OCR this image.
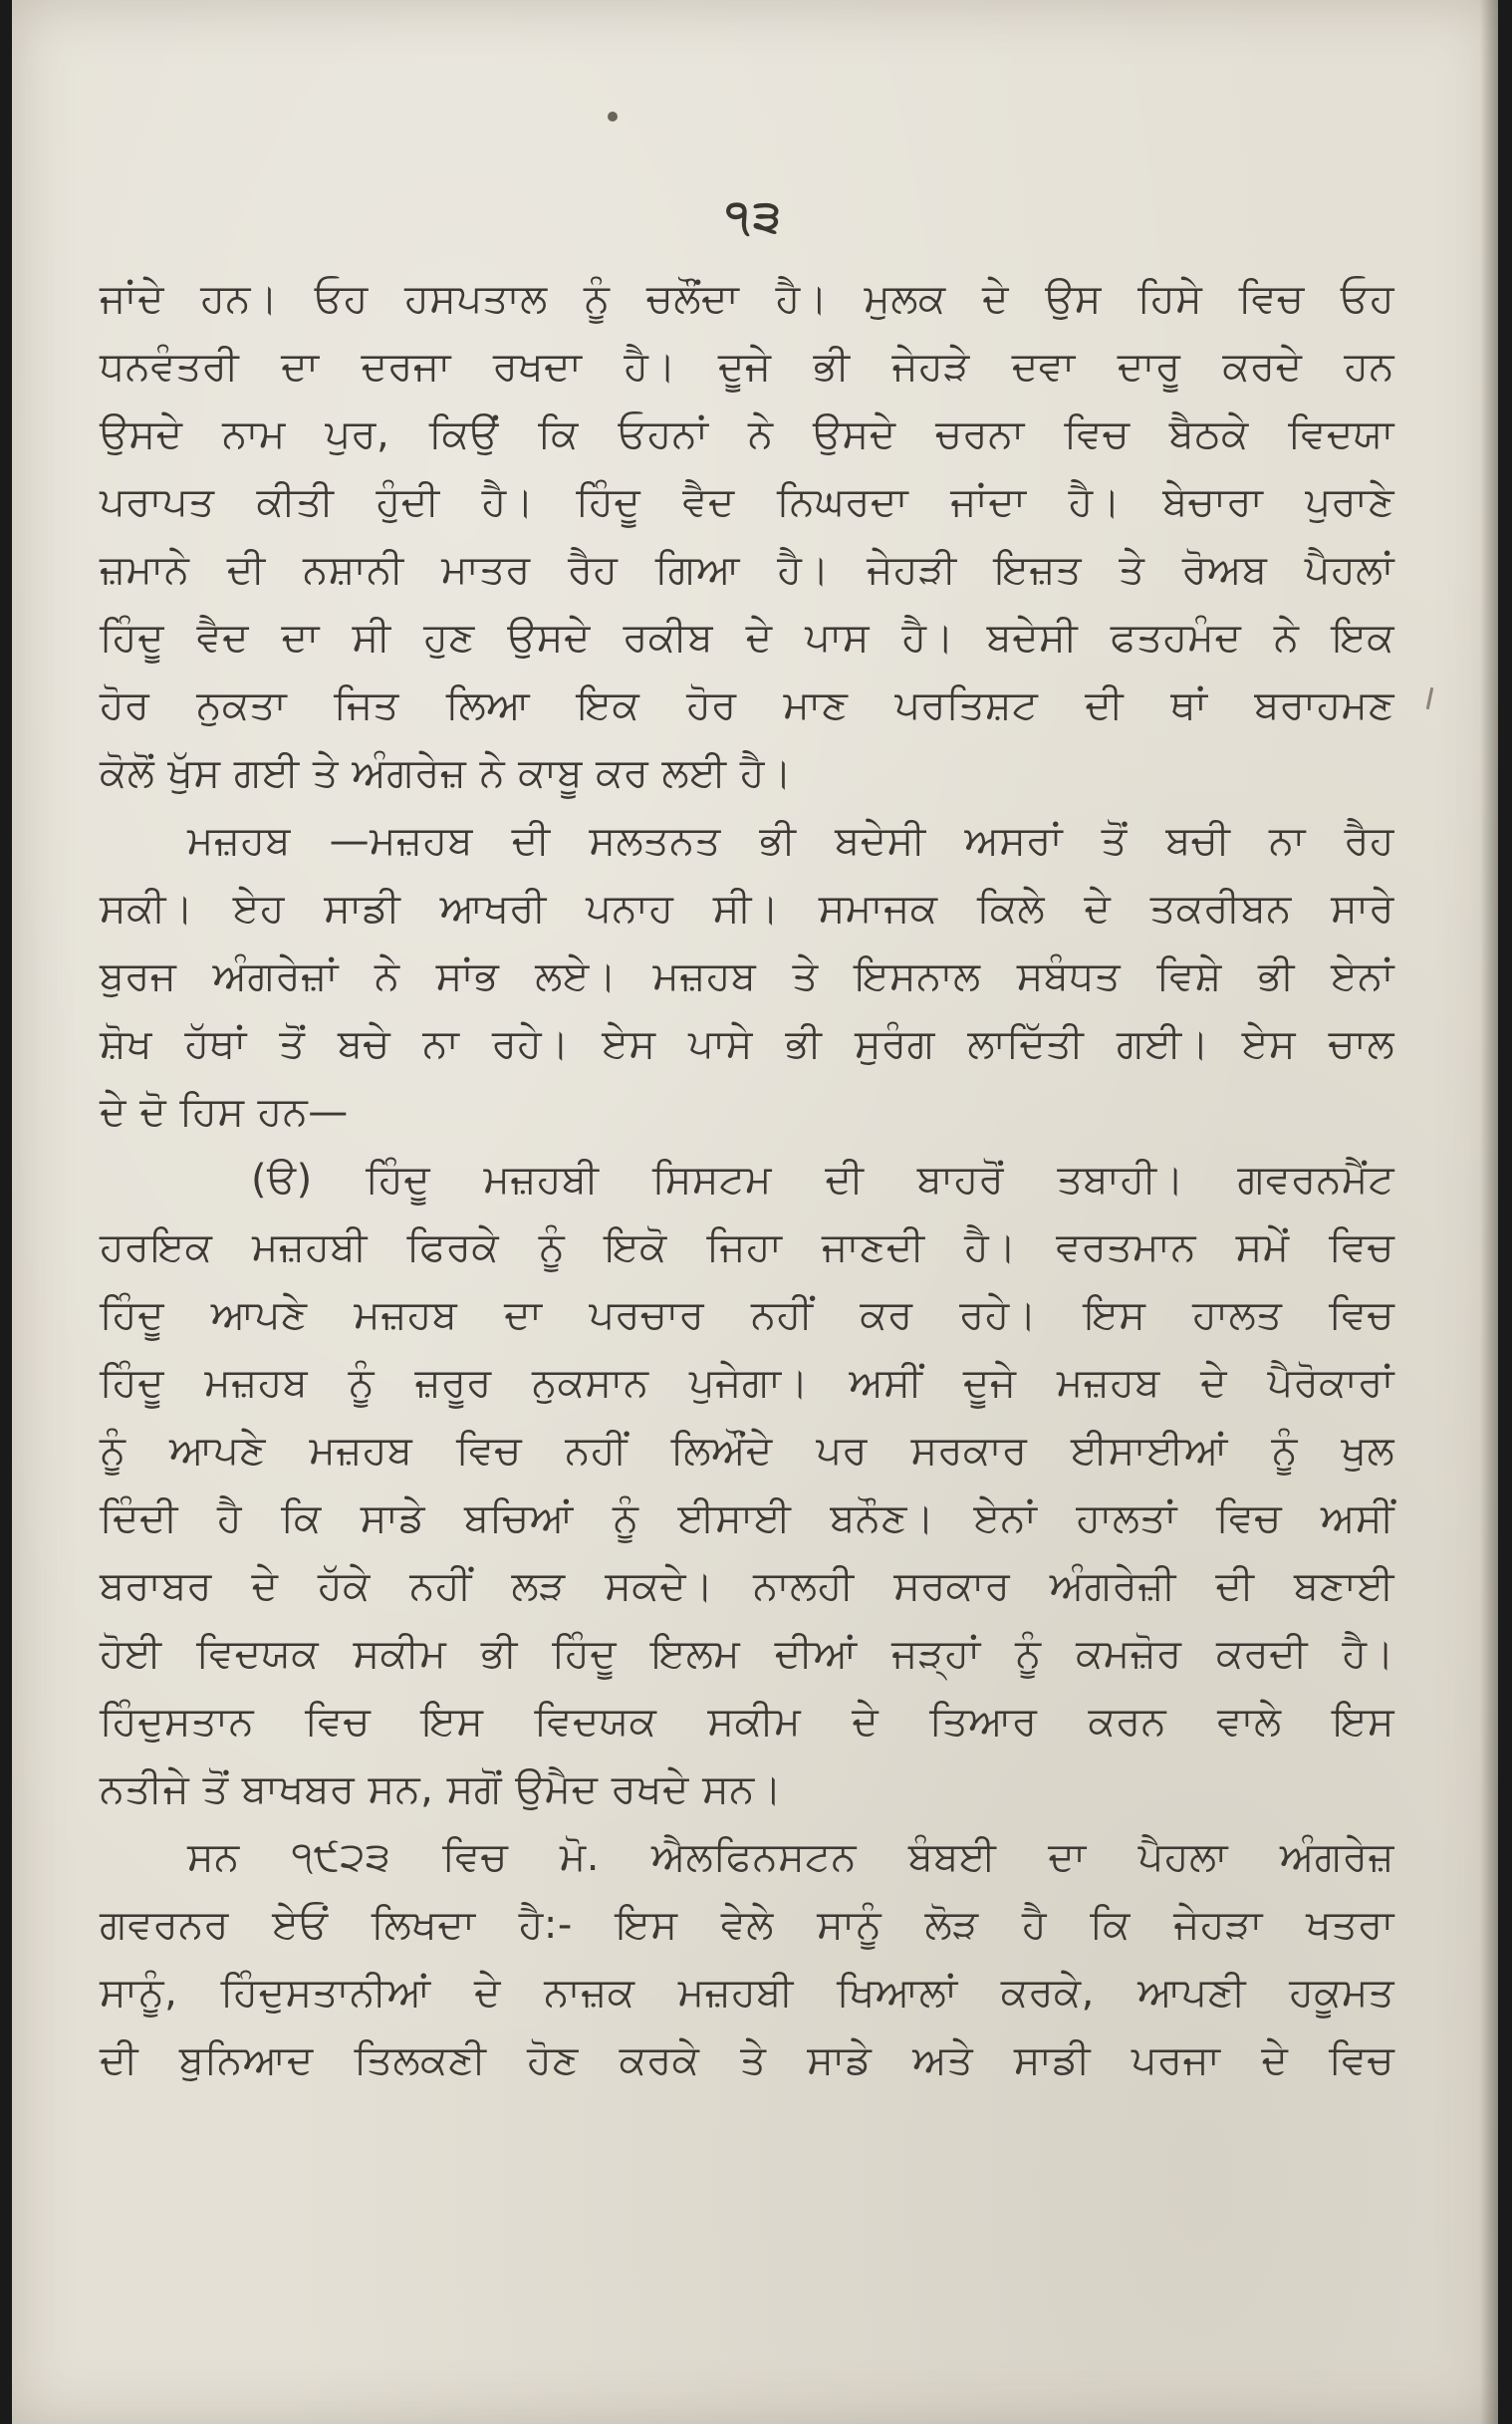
੧੩
ਜਾਂਦੇ ਹਨ। ਓਹ ਹਸਪਤਾਲ ਨੂੰ ਚਲੌਂਦਾ ਹੈ। ਮੁਲਕ ਦੇ ਉਸ ਹਿਸੇ ਵਿਚ ਓਹ
ਧਨਵੰਤਰੀ ਦਾ ਦਰਜਾ ਰਖਦਾ ਹੈ। ਦੂਜੇ ਭੀ ਜੇਹੜੇ ਦਵਾ ਦਾਰੂ ਕਰਦੇ ਹਨ
ਉਸਦੇ ਨਾਮ ਪੁਰ, ਕਿਉਂ ਕਿ ਓਹਨਾਂ ਨੇ ਉਸਦੇ ਚਰਨਾ ਵਿਚ ਬੈਠਕੇ ਵਿਦਯਾ
ਪਰਾਪਤ ਕੀਤੀ ਹੁੰਦੀ ਹੈ। ਹਿੰਦੂ ਵੈਦ ਨਿਘਰਦਾ ਜਾਂਦਾ ਹੈ। ਬੇਚਾਰਾ ਪੁਰਾਣੇ
ਜ਼ਮਾਨੇ ਦੀ ਨਸ਼ਾਨੀ ਮਾਤਰ ਰੈਹ ਗਿਆ ਹੈ। ਜੇਹੜੀ ਇਜ਼ਤ ਤੇ ਰੋਅਬ ਪੈਹਲਾਂ
ਹਿੰਦੂ ਵੈਦ ਦਾ ਸੀ ਹੁਣ ਉਸਦੇ ਰਕੀਬ ਦੇ ਪਾਸ ਹੈ। ਬਦੇਸੀ ਫਤਹਮੰਦ ਨੇ ਇਕ
ਹੋਰ ਨੁਕਤਾ ਜਿਤ ਲਿਆ ਇਕ ਹੋਰ ਮਾਣ ਪਰਤਿਸ਼ਟ ਦੀ ਥਾਂ ਬਰਾਹਮਣ
ਕੋਲੋਂ ਖੁੱਸ ਗਈ ਤੇ ਅੰਗਰੇਜ਼ ਨੇ ਕਾਬੂ ਕਰ ਲਈ ਹੈ।
ਮਜ਼ਹਬ —ਮਜ਼ਹਬ ਦੀ ਸਲਤਨਤ ਭੀ ਬਦੇਸੀ ਅਸਰਾਂ ਤੋਂ ਬਚੀ ਨਾ ਰੈਹ
ਸਕੀ। ਏਹ ਸਾਡੀ ਆਖਰੀ ਪਨਾਹ ਸੀ। ਸਮਾਜਕ ਕਿਲੇ ਦੇ ਤਕਰੀਬਨ ਸਾਰੇ
ਬੁਰਜ ਅੰਗਰੇਜ਼ਾਂ ਨੇ ਸਾਂਭ ਲਏ। ਮਜ਼ਹਬ ਤੇ ਇਸਨਾਲ ਸਬੰਧਤ ਵਿਸ਼ੇ ਭੀ ਏਨਾਂ
ਸ਼ੋਖ ਹੱਥਾਂ ਤੋਂ ਬਚੇ ਨਾ ਰਹੇ। ਏਸ ਪਾਸੇ ਭੀ ਸੁਰੰਗ ਲਾਦਿੱਤੀ ਗਈ। ਏਸ ਚਾਲ
ਦੇ ਦੋ ਹਿਸ ਹਨ—
(ੳ) ਹਿੰਦੂ ਮਜ਼ਹਬੀ ਸਿਸਟਮ ਦੀ ਬਾਹਰੋਂ ਤਬਾਹੀ। ਗਵਰਨਮੈਂਟ
ਹਰਇਕ ਮਜ਼ਹਬੀ ਫਿਰਕੇ ਨੂੰ ਇਕੋ ਜਿਹਾ ਜਾਣਦੀ ਹੈ। ਵਰਤਮਾਨ ਸਮੇਂ ਵਿਚ
ਹਿੰਦੂ ਆਪਣੇ ਮਜ਼ਹਬ ਦਾ ਪਰਚਾਰ ਨਹੀਂ ਕਰ ਰਹੇ। ਇਸ ਹਾਲਤ ਵਿਚ
ਹਿੰਦੂ ਮਜ਼ਹਬ ਨੂੰ ਜ਼ਰੂਰ ਨੁਕਸਾਨ ਪੁਜੇਗਾ। ਅਸੀਂ ਦੂਜੇ ਮਜ਼ਹਬ ਦੇ ਪੈਰੋਕਾਰਾਂ
ਨੂੰ ਆਪਣੇ ਮਜ਼ਹਬ ਵਿਚ ਨਹੀਂ ਲਿਔਂਦੇ ਪਰ ਸਰਕਾਰ ਈਸਾਈਆਂ ਨੂੰ ਖੁਲ
ਦਿੰਦੀ ਹੈ ਕਿ ਸਾਡੇ ਬਚਿਆਂ ਨੂੰ ਈਸਾਈ ਬਨੌਣ। ਏਨਾਂ ਹਾਲਤਾਂ ਵਿਚ ਅਸੀਂ
ਬਰਾਬਰ ਦੇ ਹੱਕੇ ਨਹੀਂ ਲੜ ਸਕਦੇ। ਨਾਲਹੀ ਸਰਕਾਰ ਅੰਗਰੇਜ਼ੀ ਦੀ ਬਣਾਈ
ਹੋਈ ਵਿਦਯਕ ਸਕੀਮ ਭੀ ਹਿੰਦੂ ਇਲਮ ਦੀਆਂ ਜੜ੍ਹਾਂ ਨੂੰ ਕਮਜ਼ੋਰ ਕਰਦੀ ਹੈ।
ਹਿੰਦੁਸਤਾਨ ਵਿਚ ਇਸ ਵਿਦਯਕ ਸਕੀਮ ਦੇ ਤਿਆਰ ਕਰਨ ਵਾਲੇ ਇਸ
ਨਤੀਜੇ ਤੋਂ ਬਾਖਬਰ ਸਨ, ਸਗੋਂ ਉਮੈਦ ਰਖਦੇ ਸਨ।
ਸਨ ੧੯੨੩ ਵਿਚ ਮੋ. ਐਲਫਿਨਸਟਨ ਬੰਬਈ ਦਾ ਪੈਹਲਾ ਅੰਗਰੇਜ਼
ਗਵਰਨਰ ਏਓਂ ਲਿਖਦਾ ਹੈ:- ਇਸ ਵੇਲੇ ਸਾਨੂੰ ਲੋੜ ਹੈ ਕਿ ਜੇਹੜਾ ਖਤਰਾ
ਸਾਨੂੰ, ਹਿੰਦੁਸਤਾਨੀਆਂ ਦੇ ਨਾਜ਼ਕ ਮਜ਼ਹਬੀ ਖਿਆਲਾਂ ਕਰਕੇ, ਆਪਣੀ ਹਕੂਮਤ
ਦੀ ਬੁਨਿਆਦ ਤਿਲਕਣੀ ਹੋਣ ਕਰਕੇ ਤੇ ਸਾਡੇ ਅਤੇ ਸਾਡੀ ਪਰਜਾ ਦੇ ਵਿਚ
